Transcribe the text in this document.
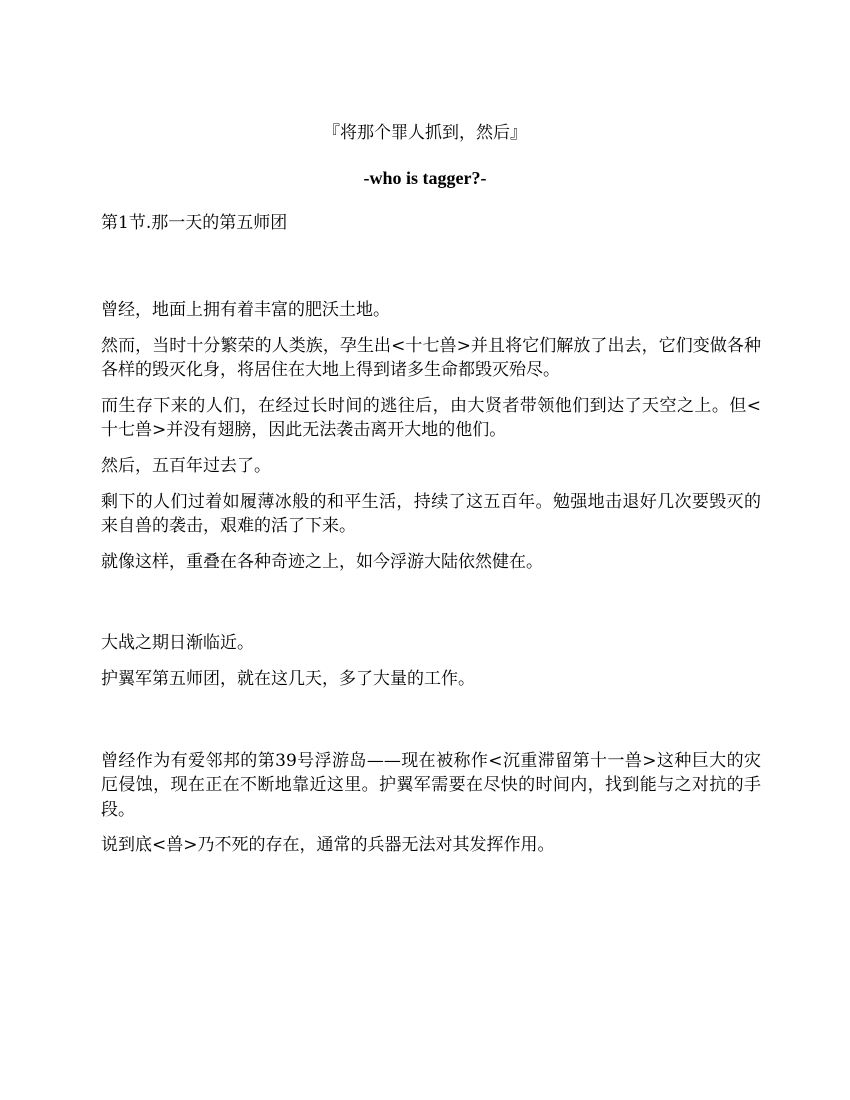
『将那个罪人抓到，然后』
-who is tagger?-
第1节.那一天的第五师团

曾经，地面上拥有着丰富的肥沃土地。

然而，当时十分繁荣的人类族，孕生出<十七兽>并且将它们解放了出去，它们变做各种各样的毁灭化身，将居住在大地上得到诸多生命都毁灭殆尽。

而生存下来的人们，在经过长时间的逃往后，由大贤者带领他们到达了天空之上。但<十七兽>并没有翅膀，因此无法袭击离开大地的他们。

然后，五百年过去了。

剩下的人们过着如履薄冰般的和平生活，持续了这五百年。勉强地击退好几次要毁灭的来自兽的袭击，艰难的活了下来。

就像这样，重叠在各种奇迹之上，如今浮游大陆依然健在。

大战之期日渐临近。

护翼军第五师团，就在这几天，多了大量的工作。

曾经作为有爱邻邦的第39号浮游岛——现在被称作<沉重滞留第十一兽>这种巨大的灾厄侵蚀，现在正在不断地靠近这里。护翼军需要在尽快的时间内，找到能与之对抗的手段。

说到底<兽>乃不死的存在，通常的兵器无法对其发挥作用。
